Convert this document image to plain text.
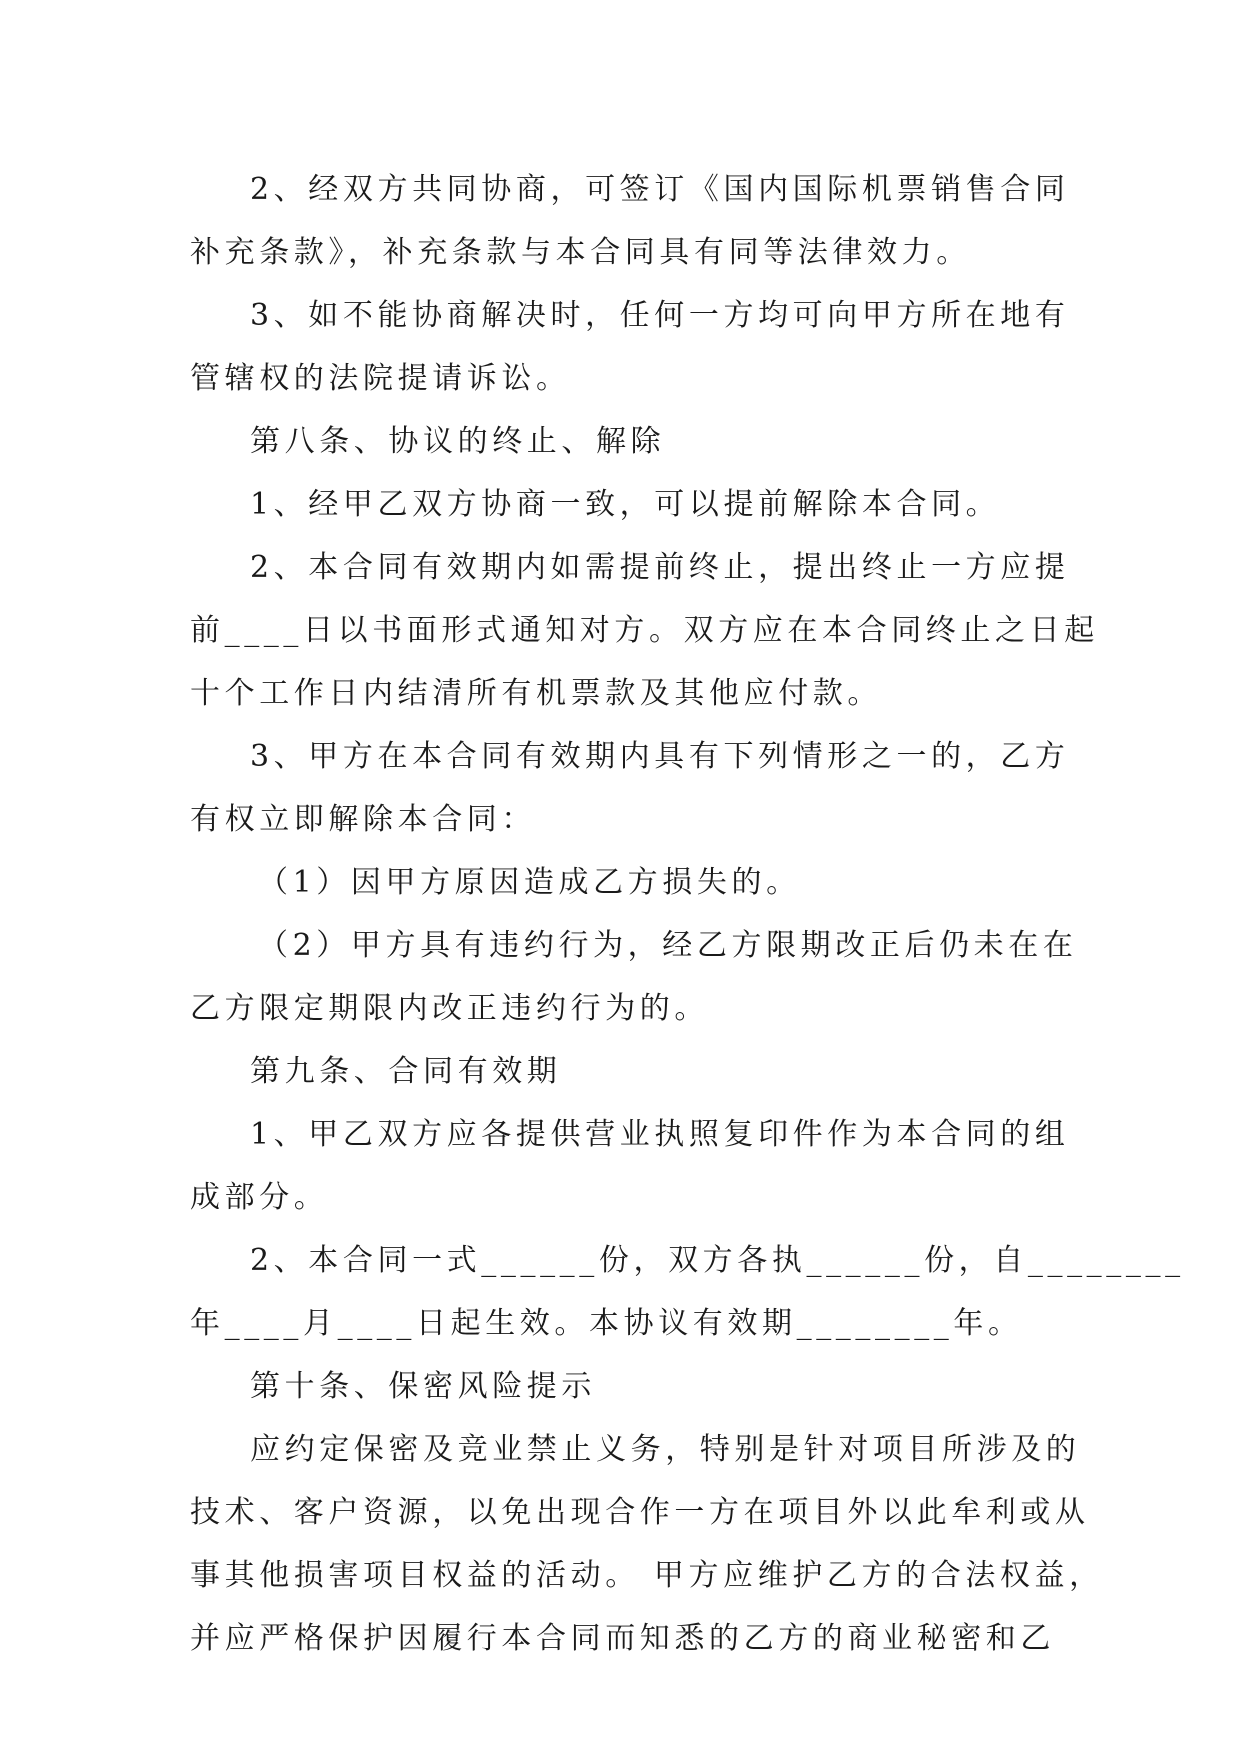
2、经双方共同协商，可签订《国内国际机票销售合同
补充条款》，补充条款与本合同具有同等法律效力。
3、如不能协商解决时，任何一方均可向甲方所在地有
管辖权的法院提请诉讼。
第八条、协议的终止、解除
1、经甲乙双方协商一致，可以提前解除本合同。
2、本合同有效期内如需提前终止，提出终止一方应提
前____日以书面形式通知对方。双方应在本合同终止之日起
十个工作日内结清所有机票款及其他应付款。
3、甲方在本合同有效期内具有下列情形之一的，乙方
有权立即解除本合同：
（1）因甲方原因造成乙方损失的。
（2）甲方具有违约行为，经乙方限期改正后仍未在在
乙方限定期限内改正违约行为的。
第九条、合同有效期
1、甲乙双方应各提供营业执照复印件作为本合同的组
成部分。
2、本合同一式______份，双方各执______份，自________
年____月____日起生效。本协议有效期________年。
第十条、保密风险提示
应约定保密及竞业禁止义务，特别是针对项目所涉及的
技术、客户资源，以免出现合作一方在项目外以此牟利或从
事其他损害项目权益的活动。 甲方应维护乙方的合法权益，
并应严格保护因履行本合同而知悉的乙方的商业秘密和乙
